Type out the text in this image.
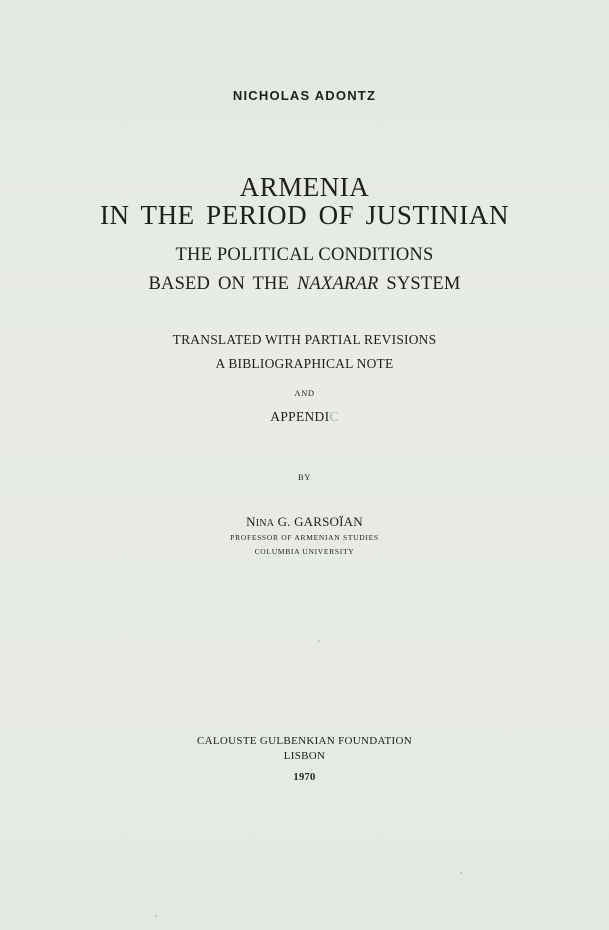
NICHOLAS ADONTZ
ARMENIA
IN THE PERIOD OF JUSTINIAN
THE POLITICAL CONDITIONS
BASED ON THE NAXARAR SYSTEM
TRANSLATED WITH PARTIAL REVISIONS
A BIBLIOGRAPHICAL NOTE
AND
APPENDIC
BY
NINA G. GARSOÏAN
PROFESSOR OF ARMENIAN STUDIES
COLUMBIA UNIVERSITY
CALOUSTE GULBENKIAN FOUNDATION
LISBON
1970
